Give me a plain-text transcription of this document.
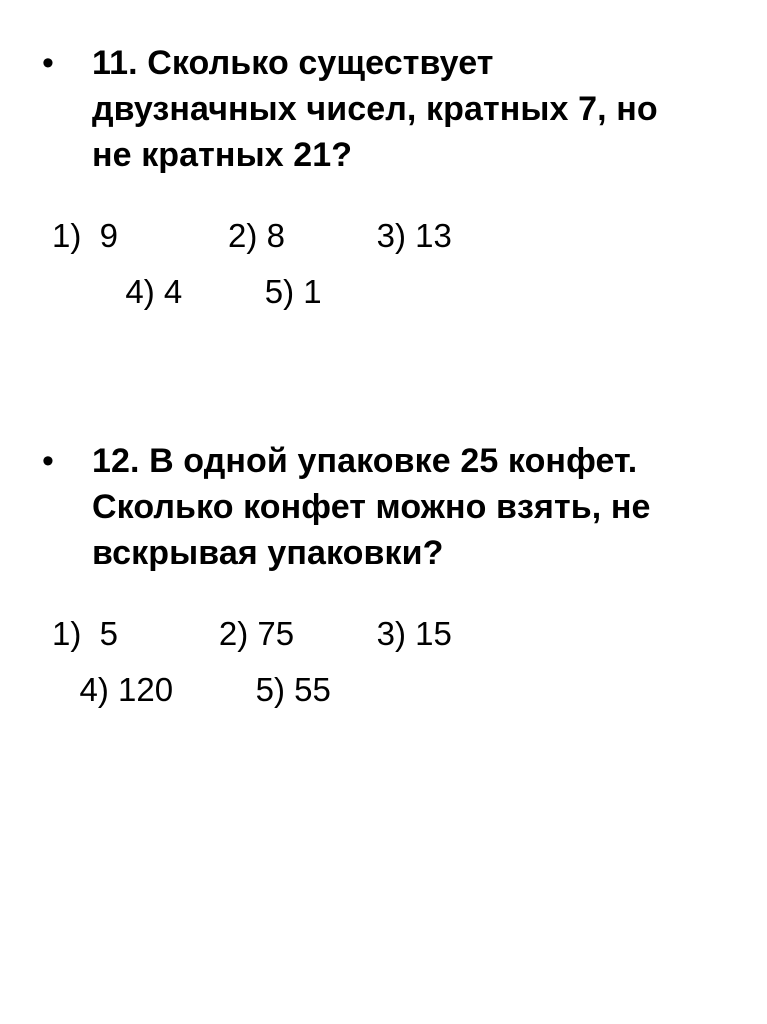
•	11. Сколько существует двузначных чисел, кратных 7, но не кратных 21?
1)  9            2) 8          3) 13
4) 4         5) 1
•	12. В одной упаковке 25 конфет. Сколько конфет можно взять, не вскрывая упаковки?
1)  5           2) 75         3) 15
4) 120         5) 55
